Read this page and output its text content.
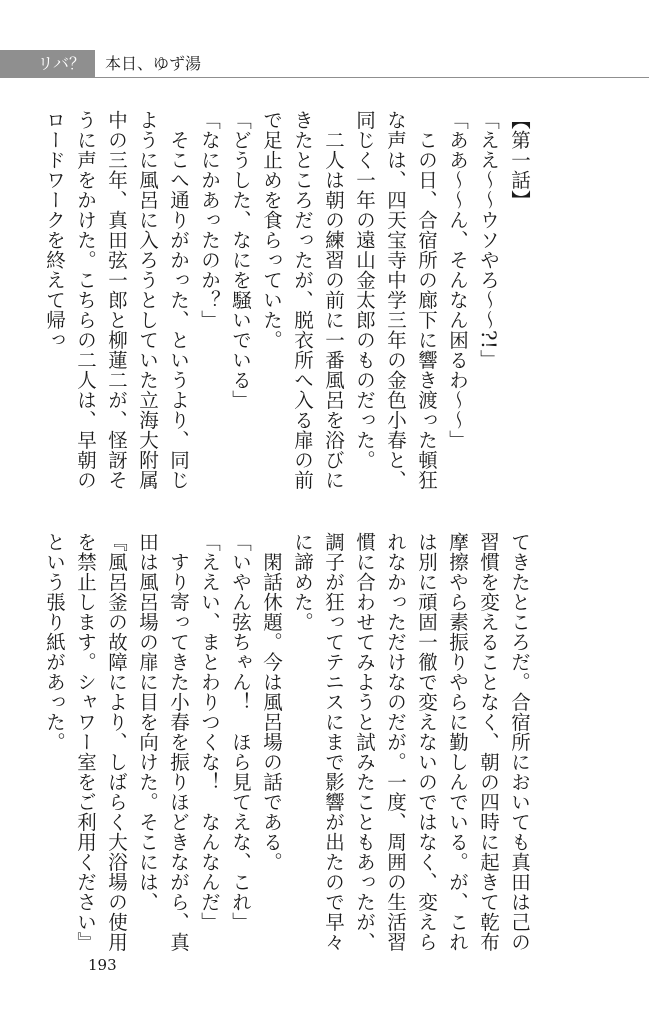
リバ？	本日、ゆず湯

【第一話】

「ええ〜〜ウソやろ〜〜?!」

「ああ〜〜ん、そんなん困るわ〜〜」

この日、合宿所の廊下に響き渡った頓狂な声は、四天宝寺中学三年の金色小春と、同じく一年の遠山金太郎のものだった。

二人は朝の練習の前に一番風呂を浴びにきたところだったが、脱衣所へ入る扉の前で足止めを食らっていた。

「どうした、なにを騒いでいる」

「なにかあったのか？」

そこへ通りがかった、というより、同じように風呂に入ろうとしていた立海大附属中の三年、真田弦一郎と柳蓮二が、怪訝そうに声をかけた。こちらの二人は、早朝のロードワークを終えて帰っ

てきたところだ。合宿所においても真田は己の習慣を変えることなく、朝の四時に起きて乾布摩擦やら素振りやらに勤しんでいる。が、これは別に頑固一徹で変えないのではなく、変えられなかっただけなのだが。一度、周囲の生活習慣に合わせてみようと試みたこともあったが、調子が狂ってテニスにまで影響が出たので早々に諦めた。

閑話休題。今は風呂場の話である。

「いやん弦ちゃん！　ほら見てえな、これ」

「ええい、まとわりつくな！　なんなんだ」

すり寄ってきた小春を振りほどきながら、真田は風呂場の扉に目を向けた。そこには、

『風呂釜の故障により、しばらく大浴場の使用を禁止します。シャワー室をご利用ください』という張り紙があった。

193
